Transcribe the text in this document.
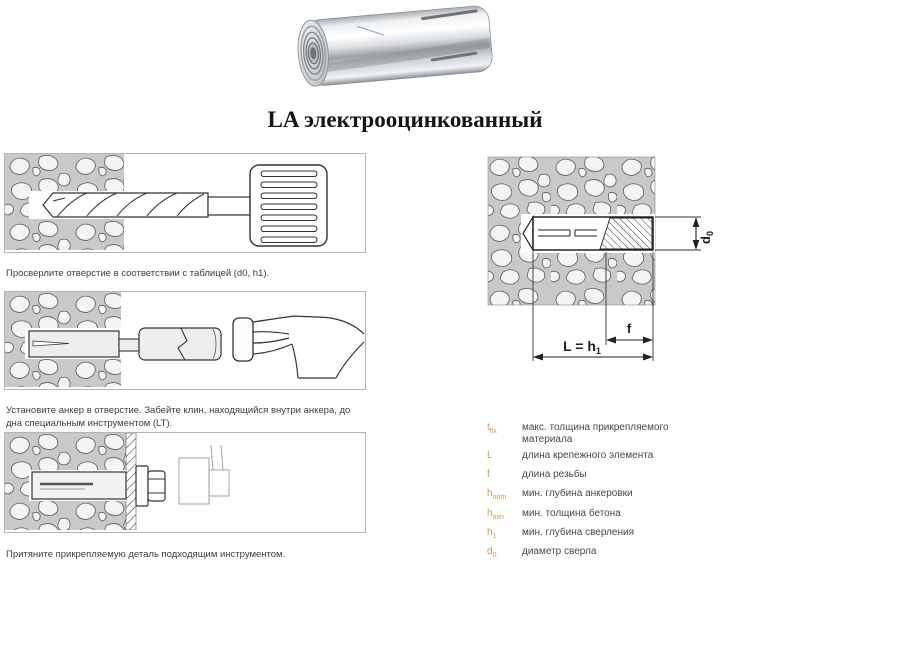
LA электрооцинкованный

Просверлите отверстие в соответствии с таблицей (d0, h1).

Установите анкер в отверстие. Забейте клин, находящийся внутри анкера, до дна специальным инструментом (LT).

Притяните прикрепляемую деталь подходящим инструментом.

f
$L = h_1$
$d_0$
$t_{fix}$	макс. толщина прикрепляемого материала
L	длина крепежного элемента
f	длина резьбы
$h_{nom}$	мин. глубина анкеровки
$h_{min}$	мин. толщина бетона
$h_1$	мин. глубина сверления
$d_0$	диаметр сверла
